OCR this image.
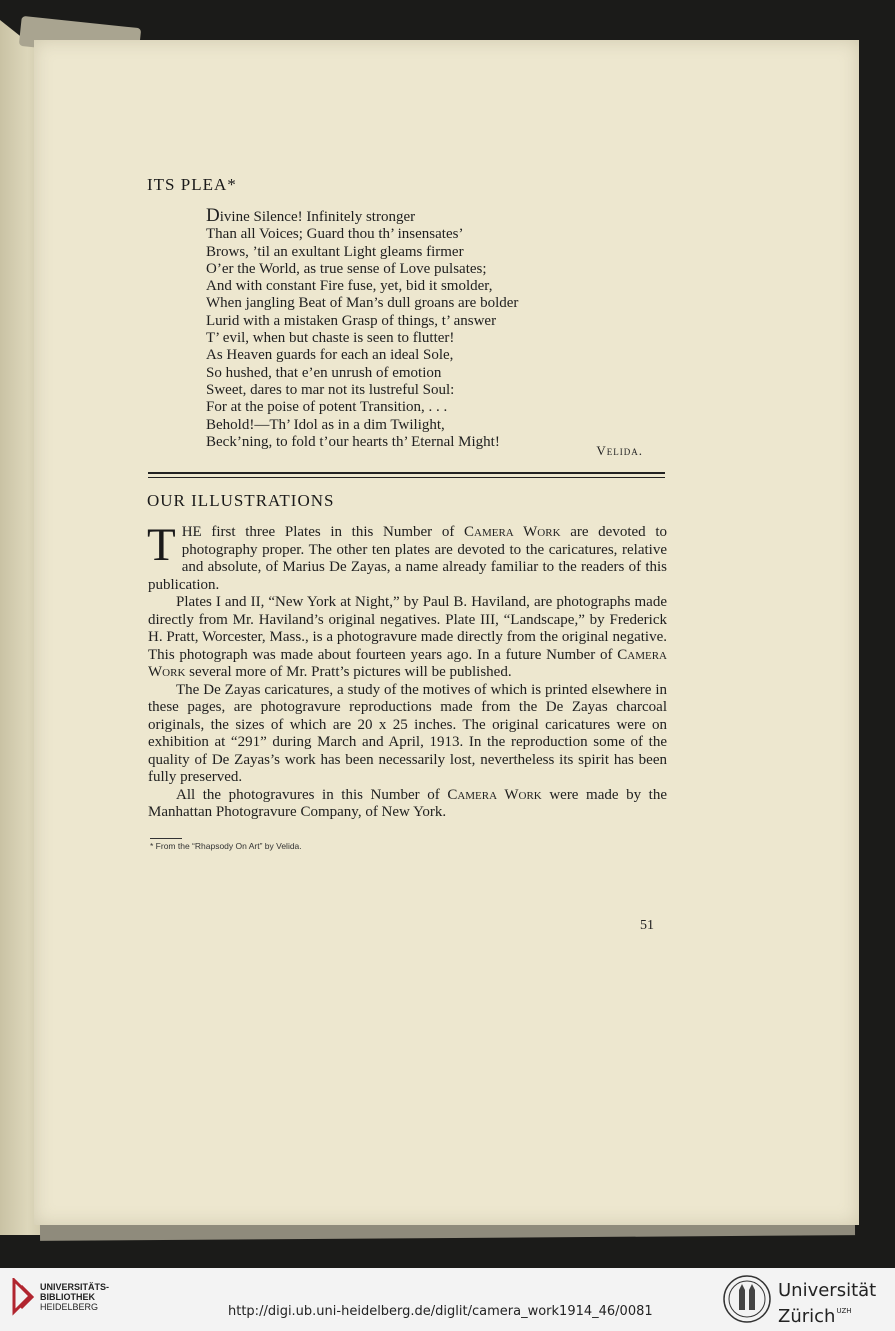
ITS PLEA*
Divine Silence! Infinitely stronger
Than all Voices; Guard thou th’ insensates’
Brows, ’til an exultant Light gleams firmer
O’er the World, as true sense of Love pulsates;
And with constant Fire fuse, yet, bid it smolder,
When jangling Beat of Man’s dull groans are bolder
Lurid with a mistaken Grasp of things, t’ answer
T’ evil, when but chaste is seen to flutter!
As Heaven guards for each an ideal Sole,
So hushed, that e’en unrush of emotion
Sweet, dares to mar not its lustreful Soul:
For at the poise of potent Transition, . . .
Behold!—Th’ Idol as in a dim Twilight,
Beck’ning, to fold t’our hearts th’ Eternal Might!
Velida.
OUR ILLUSTRATIONS

THE first three Plates in this Number of Camera Work are devoted to photography proper. The other ten plates are devoted to the caricatures, relative and absolute, of Marius De Zayas, a name already familiar to the readers of this publication.

Plates I and II, “New York at Night,” by Paul B. Haviland, are photographs made directly from Mr. Haviland’s original negatives. Plate III, “Landscape,” by Frederick H. Pratt, Worcester, Mass., is a photogravure made directly from the original negative. This photograph was made about fourteen years ago. In a future Number of Camera Work several more of Mr. Pratt’s pictures will be published.

The De Zayas caricatures, a study of the motives of which is printed elsewhere in these pages, are photogravure reproductions made from the De Zayas charcoal originals, the sizes of which are 20 x 25 inches. The original caricatures were on exhibition at “291” during March and April, 1913. In the reproduction some of the quality of De Zayas’s work has been necessarily lost, nevertheless its spirit has been fully preserved.

All the photogravures in this Number of Camera Work were made by the Manhattan Photogravure Company, of New York.

* From the “Rhapsody On Art” by Velida.
51
UNIVERSITÄTS-
BIBLIOTHEK
HEIDELBERG	http://digi.ub.uni-heidelberg.de/diglit/camera_work1914_46/0081
Universität
Zürich$^{UZH}$
